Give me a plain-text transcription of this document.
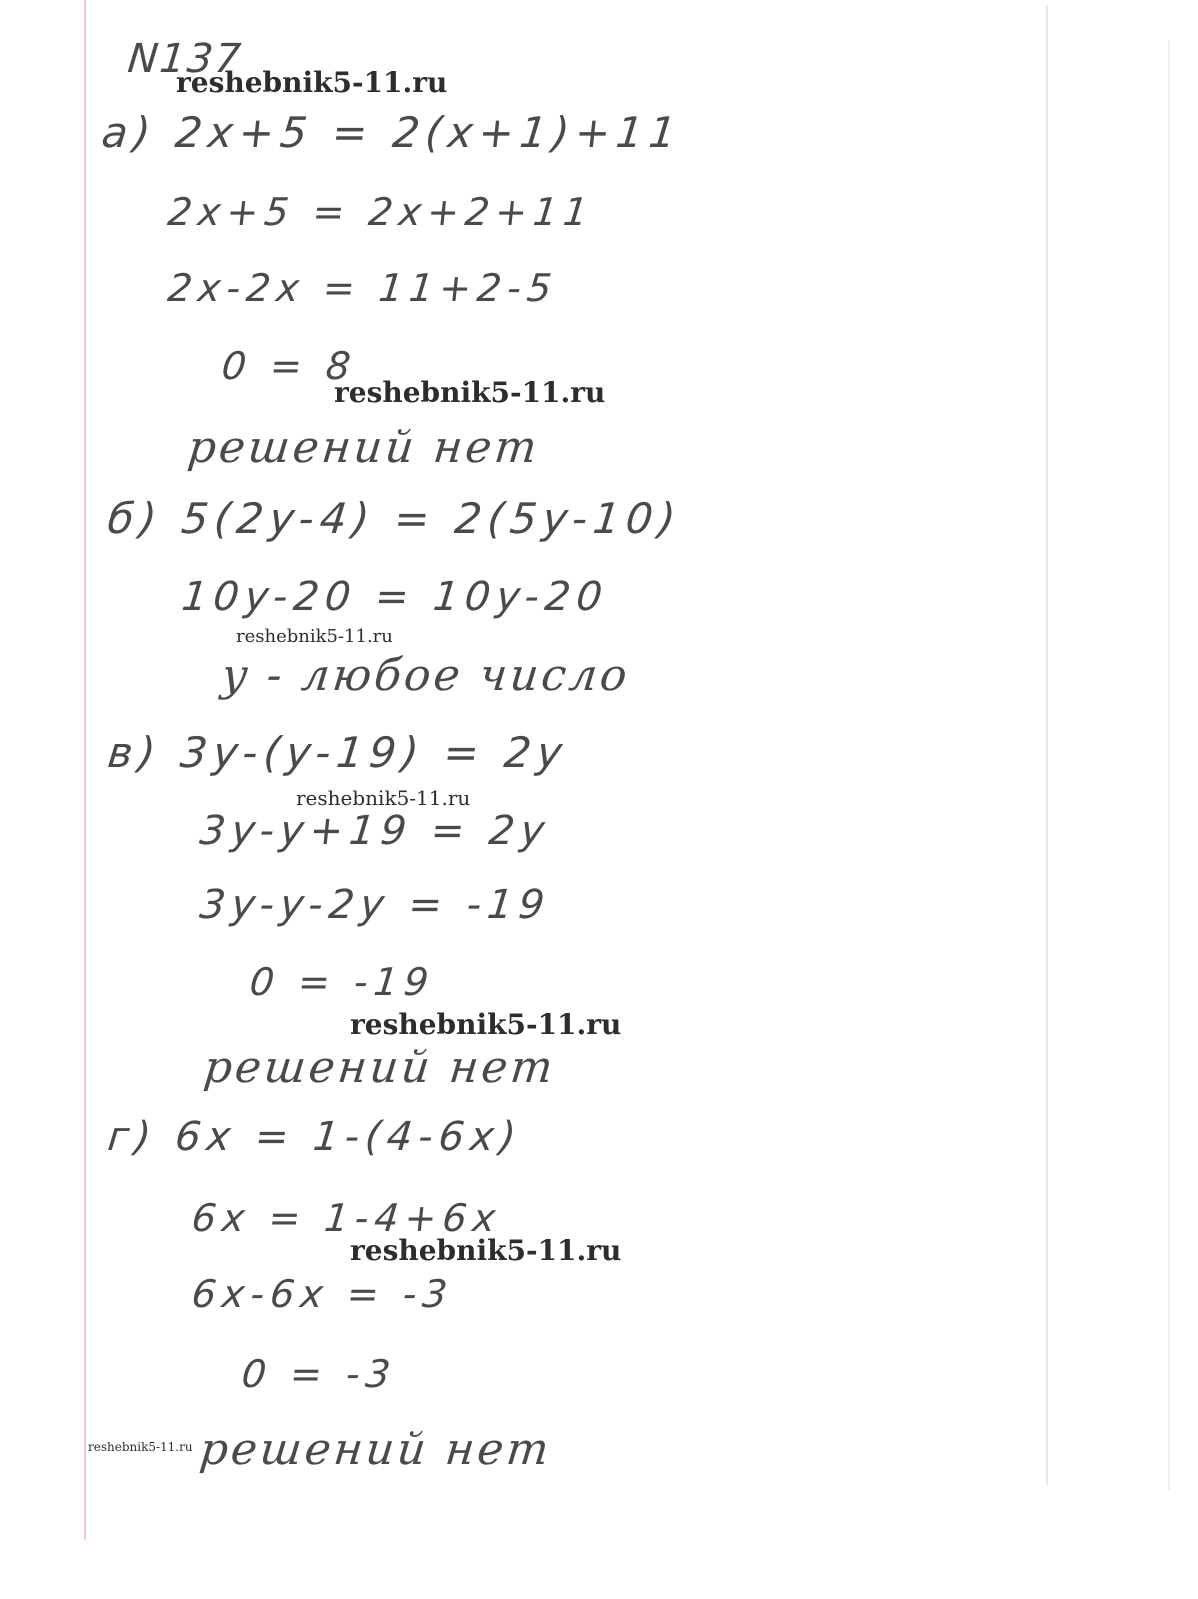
N137
а) 2x+5 = 2(x+1)+11
2x+5 = 2x+2+11
2x-2x = 11+2-5
0 = 8
решений нет
б) 5(2y-4) = 2(5y-10)
10y-20 = 10y-20
y - любое число
в) 3y-(y-19) = 2y
3y-y+19 = 2y
3y-y-2y = -19
0 = -19
решений нет
г) 6x = 1-(4-6x)
6x = 1-4+6x
6x-6x = -3
0 = -3
решений нет
reshebnik5-11.ru
reshebnik5-11.ru
reshebnik5-11.ru
reshebnik5-11.ru
reshebnik5-11.ru
reshebnik5-11.ru
reshebnik5-11.ru
